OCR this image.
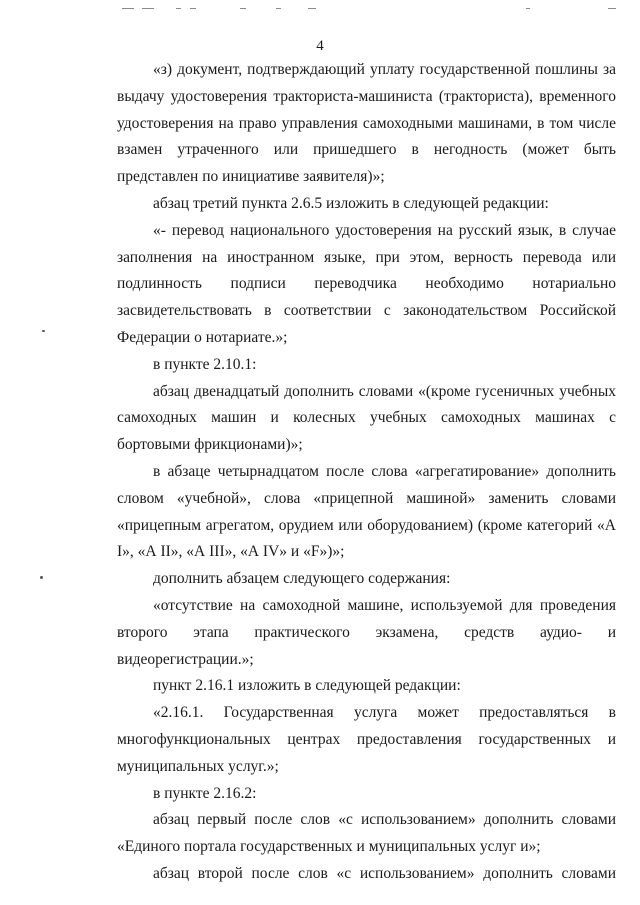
4

«з) документ, подтверждающий уплату государственной пошлины за выдачу удостоверения тракториста-машиниста (тракториста), временного удостоверения на право управления самоходными машинами, в том числе взамен утраченного или пришедшего в негодность (может быть представлен по инициативе заявителя)»;

абзац третий пункта 2.6.5 изложить в следующей редакции:

«- перевод национального удостоверения на русский язык, в случае заполнения на иностранном языке, при этом, верность перевода или подлинность подписи переводчика необходимо нотариально засвидетельствовать в соответствии с законодательством Российской Федерации о нотариате.»;

в пункте 2.10.1:

абзац двенадцатый дополнить словами «(кроме гусеничных учебных самоходных машин и колесных учебных самоходных машинах с бортовыми фрикционами)»;

в абзаце четырнадцатом после слова «агрегатирование» дополнить словом «учебной», слова «прицепной машиной» заменить словами «прицепным агрегатом, орудием или оборудованием) (кроме категорий «А I», «А II», «А III», «А IV» и «F»)»;

дополнить абзацем следующего содержания:

«отсутствие на самоходной машине, используемой для проведения второго этапа практического экзамена, средств аудио- и видеорегистрации.»;

пункт 2.16.1 изложить в следующей редакции:

«2.16.1. Государственная услуга может предоставляться в многофункциональных центрах предоставления государственных и муниципальных услуг.»;

в пункте 2.16.2:

абзац первый после слов «с использованием» дополнить словами «Единого портала государственных и муниципальных услуг и»;

абзац второй после слов «с использованием» дополнить словами
